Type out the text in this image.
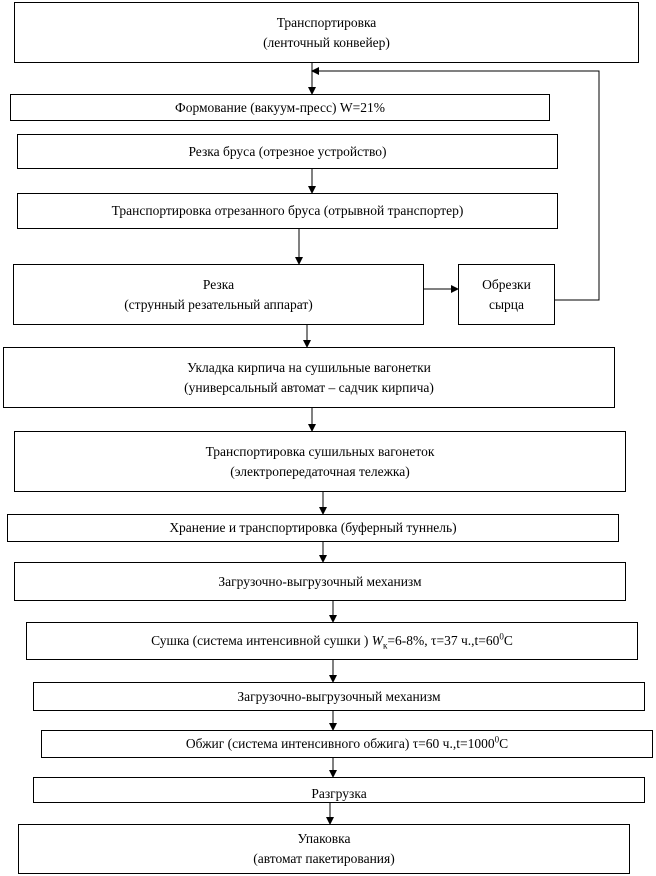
Транспортировка
(ленточный конвейер)
Формование (вакуум-пресс) W=21%
Резка бруса (отрезное устройство)
Транспортировка отрезанного бруса (отрывной транспортер)
Резка
(струнный резательный аппарат)
Обрезки
сырца
Укладка кирпича на сушильные вагонетки
(универсальный автомат – садчик кирпича)
Транспортировка сушильных вагонеток
(электропередаточная тележка)
Хранение и транспортировка (буферный туннель)
Загрузочно-выгрузочный механизм
Сушка (система интенсивной сушки ) $W_к=6-8\%$, τ=37 $ч.,t=60^0С$
Загрузочно-выгрузочный механизм
Обжиг (система интенсивного обжига) τ=60 $ч.,t=1000^0С$
Разгрузка
Упаковка
(автомат пакетирования)
